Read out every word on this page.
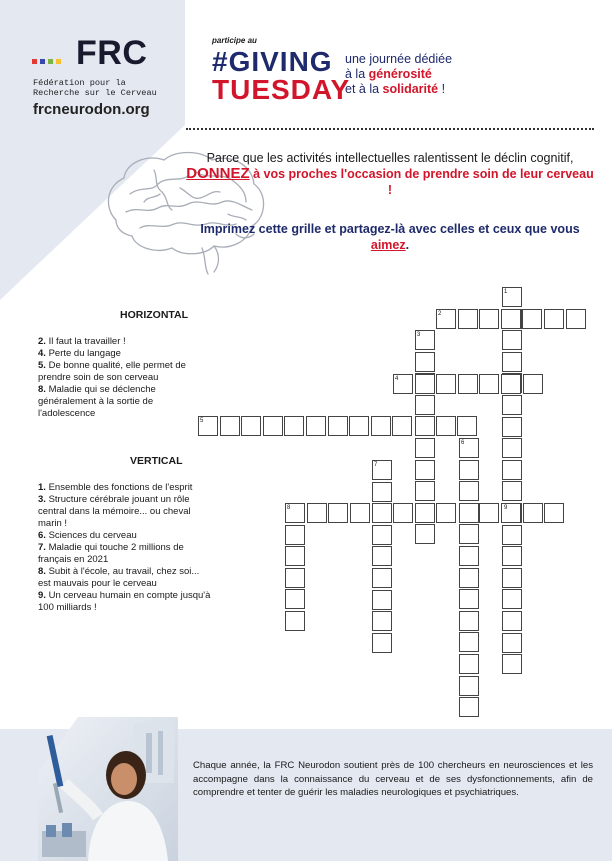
FRC
Fédération pour la
Recherche sur le Cerveau
frcneurodon.org
participe au
#GIVING
TUESDAY
une journée dédiée
à la générosité
et à la solidarité !
Parce que les activités intellectuelles ralentissent le déclin cognitif, DONNEZ à vos proches l'occasion de prendre soin de leur cerveau !
Imprimez cette grille et partagez-là avec celles et ceux que vous aimez.
HORIZONTAL
2. Il faut la travailler !
4. Perte du langage
5. De bonne qualité, elle permet de prendre soin de son cerveau
8. Maladie qui se déclenche généralement à la sortie de l'adolescence
VERTICAL
1. Ensemble des fonctions de l'esprit
3. Structure cérébrale jouant un rôle central dans la mémoire... ou cheval marin !
6. Sciences du cerveau
7. Maladie qui touche 2 millions de français en 2021
8. Subit à l'école, au travail, chez soi... est mauvais pour le cerveau
9. Un cerveau humain en compte jusqu'à 100 milliards !
1
2
3
4
5
6
7
8	9
Chaque année, la FRC Neurodon soutient près de 100 chercheurs en neurosciences et les accompagne dans la connaissance du cerveau et de ses dysfonctionnements, afin de comprendre et tenter de guérir les maladies neurologiques et psychiatriques.
